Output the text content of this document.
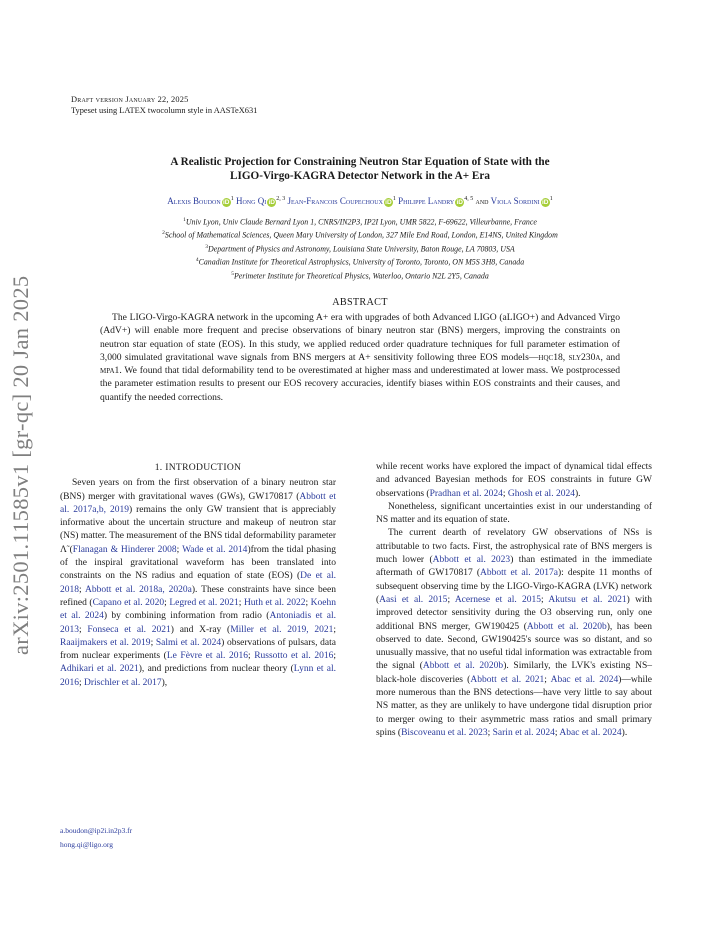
arXiv:2501.11585v1 [gr-qc] 20 Jan 2025
Draft version January 22, 2025
Typeset using LATEX twocolumn style in AASTeX631
A Realistic Projection for Constraining Neutron Star Equation of State with the
LIGO-Virgo-KAGRA Detector Network in the A+ Era
Alexis Boudon $iD^1$ Hong Qi iD$^{2, 3}$ Jean-Francois Coupechoux $iD^1$ Philippe Landry iD$^{4, 5}$ and Viola Sordini $iD^1$
$^1$Univ Lyon, Univ Claude Bernard Lyon 1, CNRS/IN2P3, IP2I Lyon, UMR 5822, F-69622, Villeurbanne, France
$^2$School of Mathematical Sciences, Queen Mary University of London, 327 Mile End Road, London, E14NS, United Kingdom
$^3$Department of Physics and Astronomy, Louisiana State University, Baton Rouge, LA 70803, USA
$^4$Canadian Institute for Theoretical Astrophysics, University of Toronto, Toronto, ON M5S 3H8, Canada
$^5$Perimeter Institute for Theoretical Physics, Waterloo, Ontario N2L 2Y5, Canada
ABSTRACT
The LIGO-Virgo-KAGRA network in the upcoming A+ era with upgrades of both Advanced LIGO (aLIGO+) and Advanced Virgo (AdV+) will enable more frequent and precise observations of binary neutron star (BNS) mergers, improving the constraints on neutron star equation of state (EOS). In this study, we applied reduced order quadrature techniques for full parameter estimation of 3,000 simulated gravitational wave signals from BNS mergers at A+ sensitivity following three EOS models—hqc18, sly230a, and mpa1. We found that tidal deformability tend to be overestimated at higher mass and underestimated at lower mass. We postprocessed the parameter estimation results to present our EOS recovery accuracies, identify biases within EOS constraints and their causes, and quantify the needed corrections.
1. INTRODUCTION

Seven years on from the first observation of a binary neutron star (BNS) merger with gravitational waves (GWs), GW170817 (Abbott et al. 2017a,b, 2019) remains the only GW transient that is appreciably informative about the uncertain structure and makeup of neutron star (NS) matter. The measurement of the BNS tidal deformability parameter Λ̃ (Flanagan & Hinderer 2008; Wade et al. 2014)from the tidal phasing of the inspiral gravitational waveform has been translated into constraints on the NS radius and equation of state (EOS) (De et al. 2018; Abbott et al. 2018a, 2020a). These constraints have since been refined (Capano et al. 2020; Legred et al. 2021; Huth et al. 2022; Koehn et al. 2024) by combining information from radio (Antoniadis et al. 2013; Fonseca et al. 2021) and X-ray (Miller et al. 2019, 2021; Raaijmakers et al. 2019; Salmi et al. 2024) observations of pulsars, data from nuclear experiments (Le Fèvre et al. 2016; Russotto et al. 2016; Adhikari et al. 2021), and predictions from nuclear theory (Lynn et al. 2016; Drischler et al. 2017),

while recent works have explored the impact of dynamical tidal effects and advanced Bayesian methods for EOS constraints in future GW observations (Pradhan et al. 2024; Ghosh et al. 2024).

Nonetheless, significant uncertainties exist in our understanding of NS matter and its equation of state.

The current dearth of revelatory GW observations of NSs is attributable to two facts. First, the astrophysical rate of BNS mergers is much lower (Abbott et al. 2023) than estimated in the immediate aftermath of GW170817 (Abbott et al. 2017a): despite 11 months of subsequent observing time by the LIGO-Virgo-KAGRA (LVK) network (Aasi et al. 2015; Acernese et al. 2015; Akutsu et al. 2021) with improved detector sensitivity during the O3 observing run, only one additional BNS merger, GW190425 (Abbott et al. 2020b), has been observed to date. Second, GW190425's source was so distant, and so unusually massive, that no useful tidal information was extractable from the signal (Abbott et al. 2020b). Similarly, the LVK's existing NS–black-hole discoveries (Abbott et al. 2021; Abac et al. 2024)—while more numerous than the BNS detections—have very little to say about NS matter, as they are unlikely to have undergone tidal disruption prior to merger owing to their asymmetric mass ratios and small primary spins (Biscoveanu et al. 2023; Sarin et al. 2024; Abac et al. 2024).

a.boudon@ip2i.in2p3.fr
hong.qi@ligo.org
